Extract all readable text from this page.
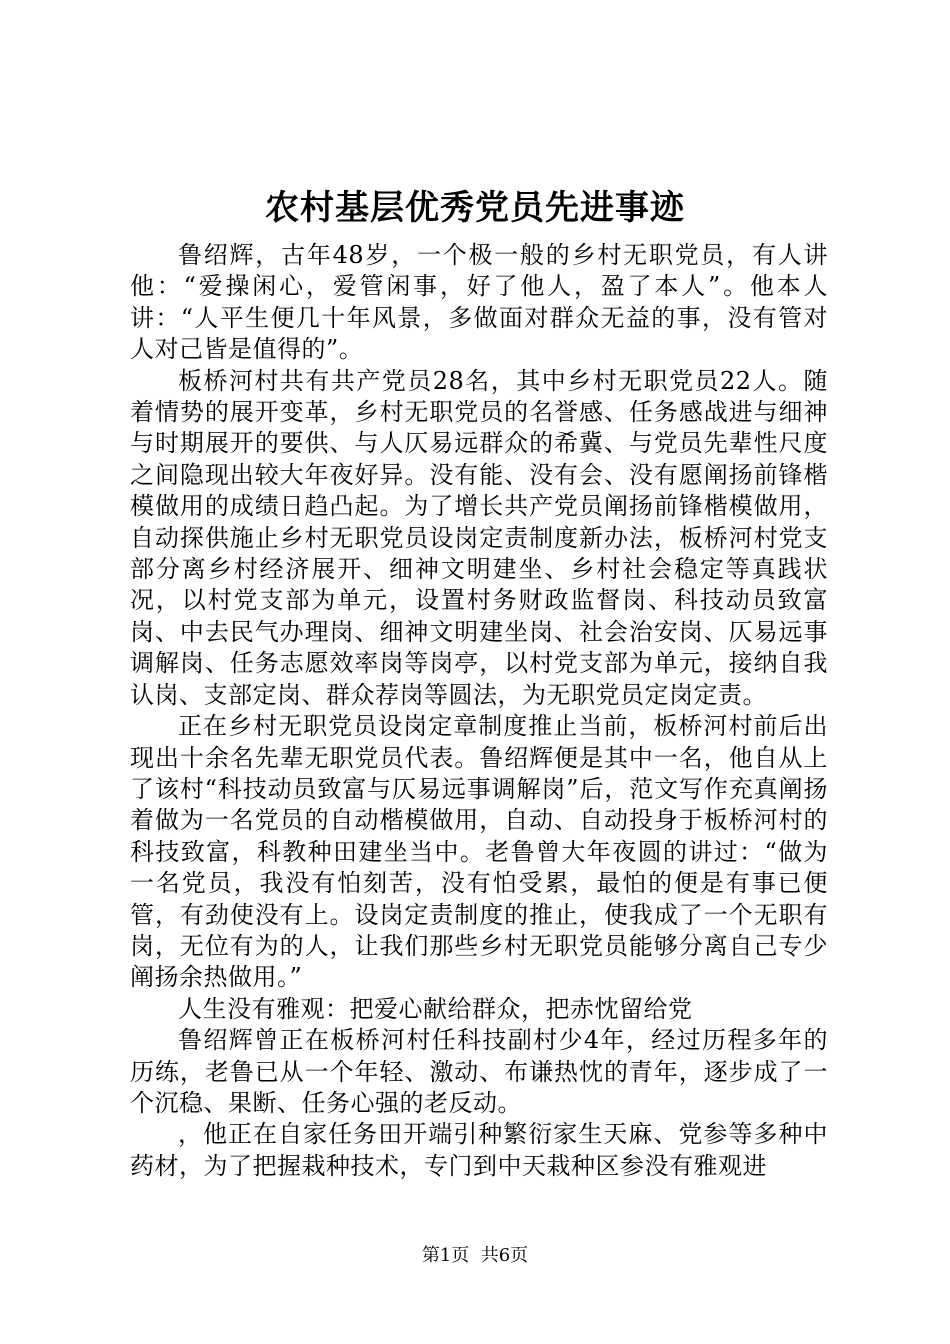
农村基层优秀党员先进事迹

鲁绍辉，古年48岁，一个极一般的乡村无职党员，有人讲他：“爱操闲心，爱管闲事，好了他人，盈了本人”。他本人讲：“人平生便几十年风景，多做面对群众无益的事，没有管对人对己皆是值得的”。

板桥河村共有共产党员28名，其中乡村无职党员22人。随着情势的展开变革，乡村无职党员的名誉感、任务感战进与细神与时期展开的要供、与人仄易远群众的希冀、与党员先辈性尺度之间隐现出较大年夜好异。没有能、没有会、没有愿阐扬前锋楷模做用的成绩日趋凸起。为了增长共产党员阐扬前锋楷模做用，自动探供施止乡村无职党员设岗定责制度新办法，板桥河村党支部分离乡村经济展开、细神文明建坐、乡村社会稳定等真践状况，以村党支部为单元，设置村务财政监督岗、科技动员致富岗、中去民气办理岗、细神文明建坐岗、社会治安岗、仄易远事调解岗、任务志愿效率岗等岗亭，以村党支部为单元，接纳自我认岗、支部定岗、群众荐岗等圆法，为无职党员定岗定责。

正在乡村无职党员设岗定章制度推止当前，板桥河村前后出现出十余名先辈无职党员代表。鲁绍辉便是其中一名，他自从上了该村“科技动员致富与仄易远事调解岗”后，范文写作充真阐扬着做为一名党员的自动楷模做用，自动、自动投身于板桥河村的科技致富，科教种田建坐当中。老鲁曾大年夜圆的讲过：“做为一名党员，我没有怕刻苦，没有怕受累，最怕的便是有事已便管，有劲使没有上。设岗定责制度的推止，使我成了一个无职有岗，无位有为的人，让我们那些乡村无职党员能够分离自己专少阐扬余热做用。”

人生没有雅观：把爱心献给群众，把赤忱留给党

鲁绍辉曾正在板桥河村任科技副村少4年，经过历程多年的历练，老鲁已从一个年轻、激动、布谦热忱的青年，逐步成了一个沉稳、果断、任务心强的老反动。

，他正在自家任务田开端引种繁衍家生天麻、党参等多种中药材，为了把握栽种技术，专门到中天栽种区参没有雅观进

第1页 共6页
